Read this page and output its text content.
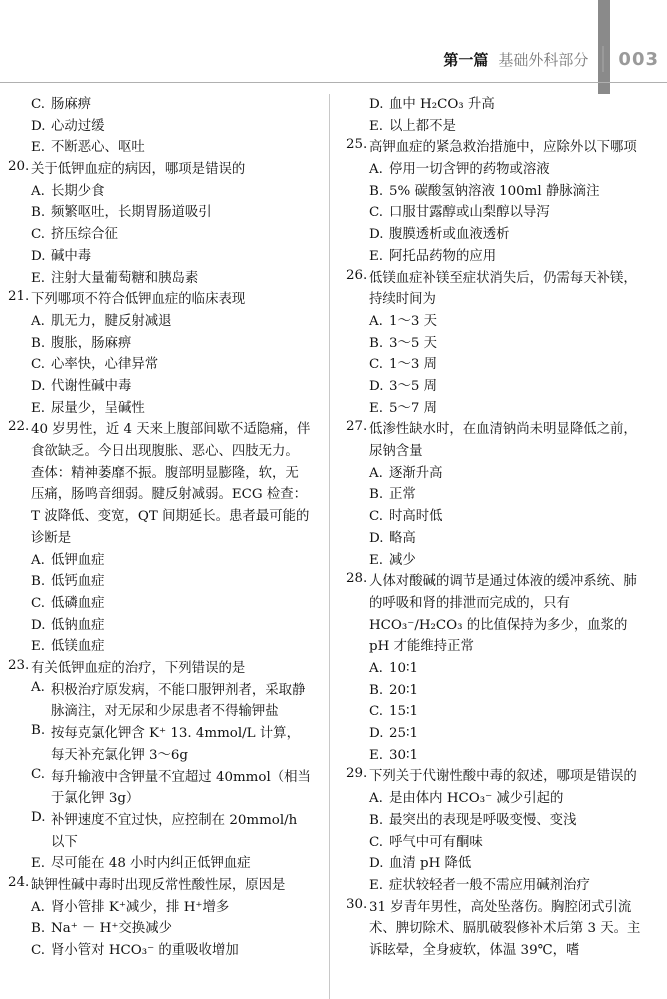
第一篇 基础外科部分 003
C. 肠麻痹
D. 心动过缓
E. 不断恶心、呕吐
20. 关于低钾血症的病因，哪项是错误的
A. 长期少食
B. 频繁呕吐，长期胃肠道吸引
C. 挤压综合征
D. 碱中毒
E. 注射大量葡萄糖和胰岛素
21. 下列哪项不符合低钾血症的临床表现
A. 肌无力，腱反射减退
B. 腹胀，肠麻痹
C. 心率快，心律异常
D. 代谢性碱中毒
E. 尿量少，呈碱性
22. 40 岁男性，近 4 天来上腹部间歇不适隐痛，伴食欲缺乏。今日出现腹胀、恶心、四肢无力。查体：精神萎靡不振。腹部明显膨隆，软，无压痛，肠鸣音细弱。腱反射减弱。ECG 检查：T 波降低、变宽，QT 间期延长。患者最可能的诊断是
A. 低钾血症
B. 低钙血症
C. 低磷血症
D. 低钠血症
E. 低镁血症
23. 有关低钾血症的治疗，下列错误的是
A. 积极治疗原发病，不能口服钾剂者，采取静脉滴注，对无尿和少尿患者不得输钾盐
B. 按每克氯化钾含 K⁺ 13. 4mmol/L 计算，每天补充氯化钾 3～6g
C. 每升输液中含钾量不宜超过 40mmol（相当于氯化钾 3g）
D. 补钾速度不宜过快，应控制在 20mmol/h 以下
E. 尽可能在 48 小时内纠正低钾血症
24. 缺钾性碱中毒时出现反常性酸性尿，原因是
A. 肾小管排 K⁺减少，排 H⁺增多
B. Na⁺ － H⁺交换减少
C. 肾小管对 HCO₃⁻ 的重吸收增加
D. 血中 H₂CO₃ 升高
E. 以上都不是
25. 高钾血症的紧急救治措施中，应除外以下哪项
A. 停用一切含钾的药物或溶液
B. 5% 碳酸氢钠溶液 100ml 静脉滴注
C. 口服甘露醇或山梨醇以导泻
D. 腹膜透析或血液透析
E. 阿托品药物的应用
26. 低镁血症补镁至症状消失后，仍需每天补镁，持续时间为
A. 1～3 天
B. 3～5 天
C. 1～3 周
D. 3～5 周
E. 5～7 周
27. 低渗性缺水时，在血清钠尚未明显降低之前，尿钠含量
A. 逐渐升高
B. 正常
C. 时高时低
D. 略高
E. 减少
28. 人体对酸碱的调节是通过体液的缓冲系统、肺的呼吸和肾的排泄而完成的，只有 HCO₃⁻/H₂CO₃ 的比值保持为多少，血浆的 pH 才能维持正常
A. 10∶1
B. 20∶1
C. 15∶1
D. 25∶1
E. 30∶1
29. 下列关于代谢性酸中毒的叙述，哪项是错误的
A. 是由体内 HCO₃⁻ 减少引起的
B. 最突出的表现是呼吸变慢、变浅
C. 呼气中可有酮味
D. 血清 pH 降低
E. 症状较轻者一般不需应用碱剂治疗
30. 31 岁青年男性，高处坠落伤。胸腔闭式引流术、脾切除术、膈肌破裂修补术后第 3 天。主诉眩晕，全身疲软，体温 39℃，嗜
